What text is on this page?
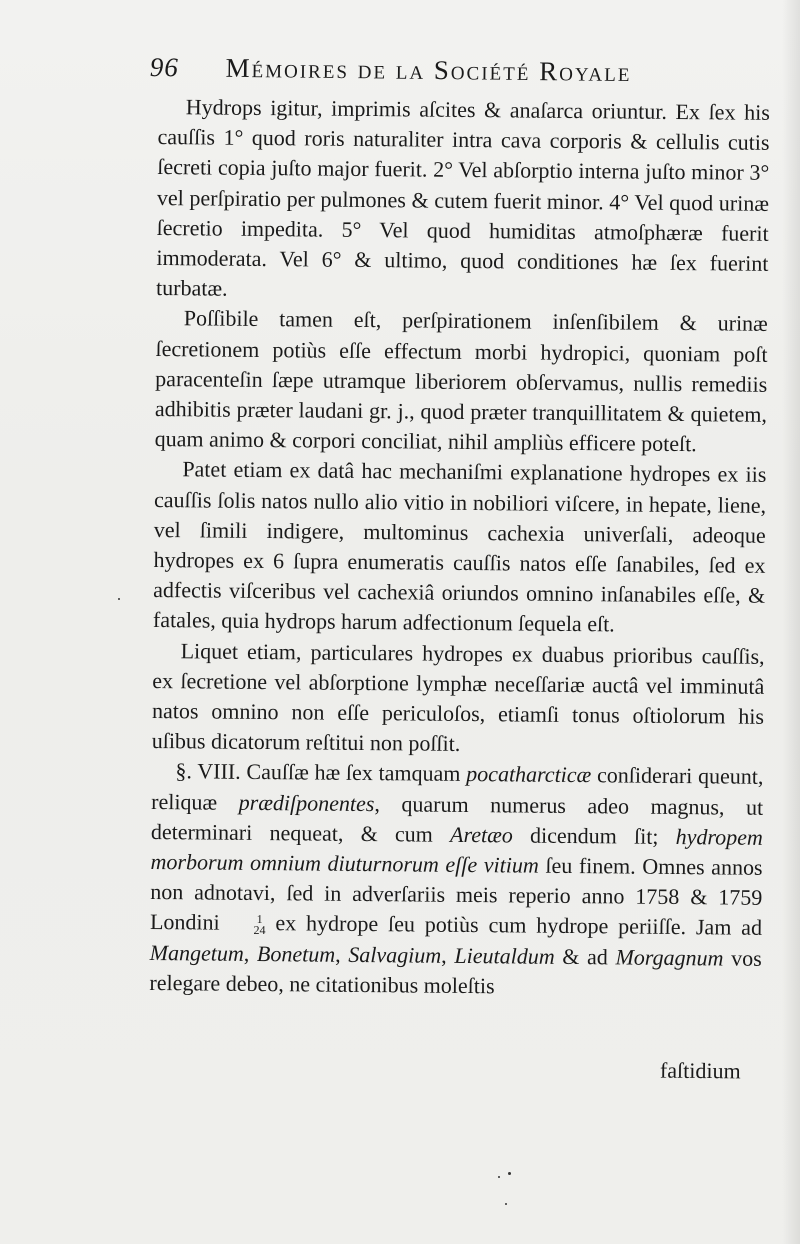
96 Mémoires de la Société Royale

Hydrops igitur, imprimis aſcites & anaſarca oriuntur. Ex ſex his cauſſis 1° quod roris naturaliter intra cava corporis & cellulis cutis ſecreti copia juſto major fuerit. 2° Vel abſorptio interna juſto minor 3° vel perſpiratio per pulmones & cutem fuerit minor. 4° Vel quod urinæ ſecretio impedita. 5° Vel quod humiditas atmoſphæræ fuerit immoderata. Vel 6° & ultimo, quod conditiones hæ ſex fuerint turbatæ.

Poſſibile tamen eſt, perſpirationem inſenſibilem & urinæ ſecretionem potiùs eſſe effectum morbi hydropici, quoniam poſt paracenteſin ſæpe utramque liberiorem obſervamus, nullis remediis adhibitis præter laudani gr. j., quod præter tranquillitatem & quietem, quam animo & corpori conciliat, nihil ampliùs efficere poteſt.

Patet etiam ex datâ hac mechaniſmi explanatione hydropes ex iis cauſſis ſolis natos nullo alio vitio in nobiliori viſcere, in hepate, liene, vel ſimili indigere, multominus cachexia univerſali, adeoque hydropes ex 6 ſupra enumeratis cauſſis natos eſſe ſanabiles, ſed ex adfectis viſceribus vel cachexiâ oriundos omnino inſanabiles eſſe, & fatales, quia hydrops harum adfectionum ſequela eſt.

Liquet etiam, particulares hydropes ex duabus prioribus cauſſis, ex ſecretione vel abſorptione lymphæ neceſſariæ auctâ vel imminutâ natos omnino non eſſe periculoſos, etiamſi tonus oſtiolorum his uſibus dicatorum reſtitui non poſſit.

§. VIII. Cauſſæ hæ ſex tamquam pocatharcticæ conſiderari queunt, reliquæ prædiſponentes, quarum numerus adeo magnus, ut determinari nequeat, & cum Aretæo dicendum ſit; hydropem morborum omnium diuturnorum eſſe vitium ſeu finem. Omnes annos non adnotavi, ſed in adverſariis meis reperio anno 1758 & 1759 Londini	1
24 ex hydrope ſeu potiùs cum hydrope periiſſe. Jam ad Mangetum, Bonetum, Salvagium, Lieutaldum & ad Morgagnum vos relegare debeo, ne citationibus moleſtis

faſtidium
